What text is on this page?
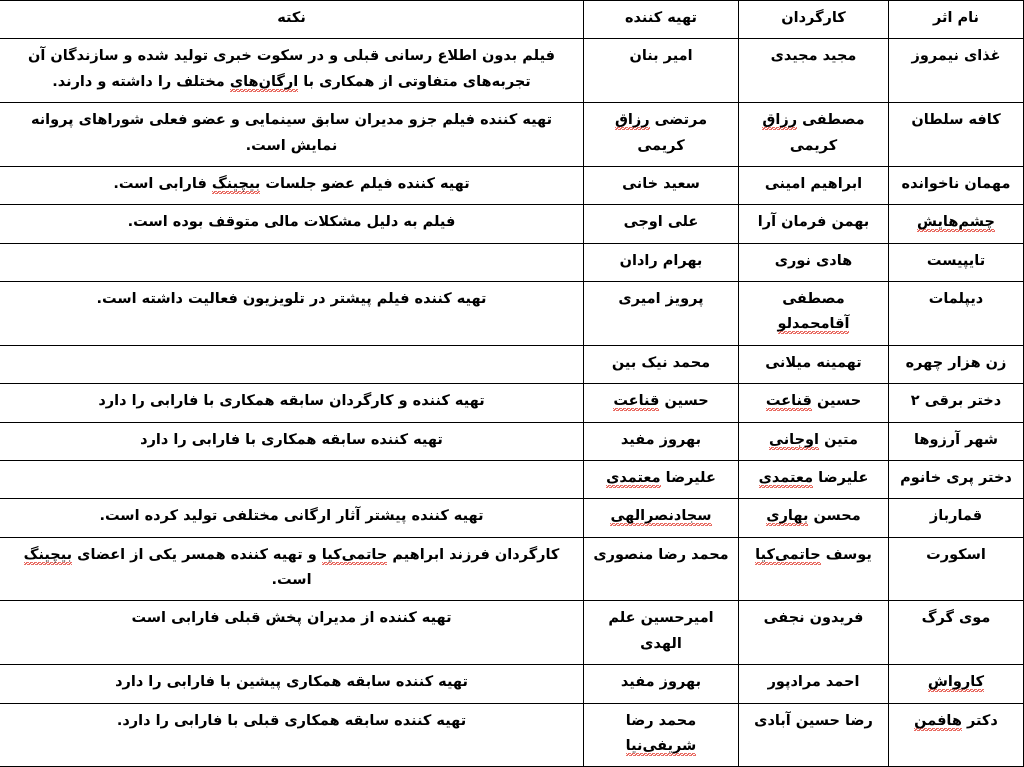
نام اثر	کارگردان	تهیه کننده	نکته
غذای نیمروز	مجید مجیدی	امیر بنان	فیلم بدون اطلاع رسانی قبلی و در سکوت خبری تولید شده و سازندگان آن تجربه‌های متفاوتی از همکاری با ارگان‌های مختلف را داشته و دارند.
کافه سلطان	مصطفی رزاق کریمی	مرتضی رزاق کریمی	تهیه کننده فیلم جزو مدیران سابق سینمایی و عضو فعلی شوراهای پروانه نمایش است.
مهمان ناخوانده	ابراهیم امینی	سعید خانی	تهیه کننده فیلم عضو جلسات بیچینگ فارابی است.
چشم‌هایش	بهمن فرمان آرا	علی اوجی	فیلم به دلیل مشکلات مالی متوقف بوده است.
تایپیست	هادی نوری	بهرام رادان	
دیپلمات	مصطفی آقامحمدلو	پرویز امیری	تهیه کننده فیلم پیشتر در تلویزیون فعالیت داشته است.
زن هزار چهره	تهمینه میلانی	محمد نیک بین	
دختر برقی ۲	حسین قناعت	حسین قناعت	تهیه کننده و کارگردان سابقه همکاری با فارابی را دارد
شهر آرزوها	متین اوجانی	بهروز مفید	تهیه کننده سابقه همکاری با فارابی را دارد
دختر پری خانوم	علیرضا معتمدی	علیرضا معتمدی	
قمارباز	محسن بهاری	سجادنصرالهی	تهیه کننده پیشتر آثار ارگانی مختلفی تولید کرده است.
اسکورت	یوسف حاتمی‌کیا	محمد رضا منصوری	کارگردان فرزند ابراهیم حاتمی‌کیا و تهیه کننده همسر یکی از اعضای بیچینگ است.
موی گرگ	فریدون نجفی	امیرحسین علم الهدی	تهیه کننده از مدیران پخش قبلی فارابی است
کارواش	احمد مرادپور	بهروز مفید	تهیه کننده سابقه همکاری پیشین با فارابی را دارد
دکتر هافمن	رضا حسین آبادی	محمد رضا شریفی‌نیا	تهیه کننده سابقه همکاری قبلی با فارابی را دارد.
